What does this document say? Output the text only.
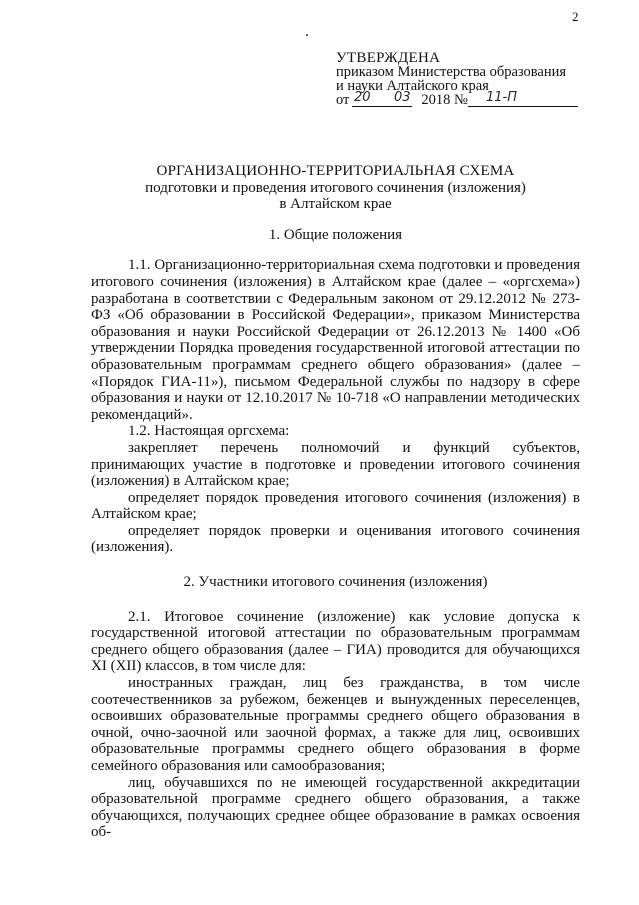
2
УТВЕРЖДЕНА
приказом Министерства образования
и науки Алтайского края
от	2018 №
20 03	11-П
ОРГАНИЗАЦИОННО-ТЕРРИТОРИАЛЬНАЯ СХЕМА
подготовки и проведения итогового сочинения (изложения)
в Алтайском крае
1. Общие положения

1.1. Организационно-территориальная схема подготовки и проведения итогового сочинения (изложения) в Алтайском крае (далее – «оргсхема») разработана в соответствии с Федеральным законом от 29.12.2012 № 273-ФЗ «Об образовании в Российской Федерации», приказом Министерства образования и науки Российской Федерации от 26.12.2013 № 1400 «Об утверждении Порядка проведения государственной итоговой аттестации по образовательным программам среднего общего образования» (далее – «Порядок ГИА-11»), письмом Федеральной службы по надзору в сфере образования и науки от 12.10.2017 № 10-718 «О направлении методических рекомендаций».

1.2. Настоящая оргсхема:

закрепляет перечень полномочий и функций субъектов, принимающих участие в подготовке и проведении итогового сочинения (изложения) в Алтайском крае;

определяет порядок проведения итогового сочинения (изложения) в Алтайском крае;

определяет порядок проверки и оценивания итогового сочинения (изложения).

2. Участники итогового сочинения (изложения)

2.1. Итоговое сочинение (изложение) как условие допуска к государственной итоговой аттестации по образовательным программам среднего общего образования (далее – ГИА) проводится для обучающихся XI (XII) классов, в том числе для:

иностранных граждан, лиц без гражданства, в том числе соотечественников за рубежом, беженцев и вынужденных переселенцев, освоивших образовательные программы среднего общего образования в очной, очно-заочной или заочной формах, а также для лиц, освоивших образовательные программы среднего общего образования в форме семейного образования или самообразования;

лиц, обучавшихся по не имеющей государственной аккредитации образовательной программе среднего общего образования, а также обучающихся, получающих среднее общее образование в рамках освоения об-
